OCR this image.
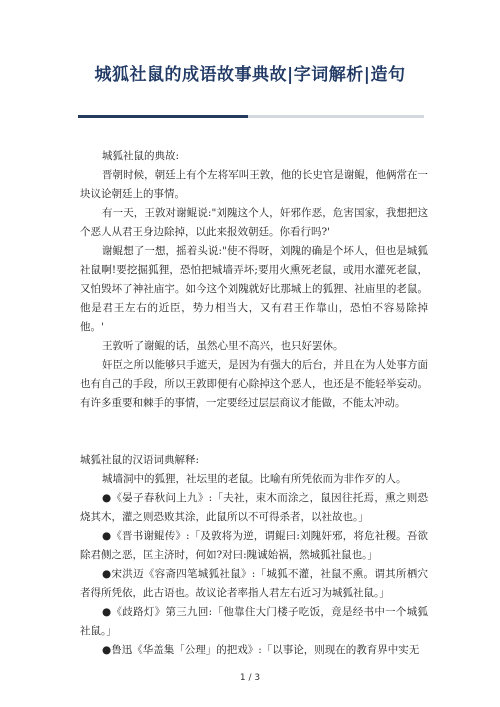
城狐社鼠的成语故事典故|字词解析|造句

城狐社鼠的典故:

晋朝时候，朝廷上有个左将军叫王敦，他的长史官是谢鲲，他俩常在一块议论朝廷上的事情。

有一天，王敦对谢鲲说:"刘隗这个人，奸邪作恶，危害国家，我想把这个恶人从君王身边除掉，以此来报效朝廷。你看行吗?'

谢鲲想了一想，摇着头说:"使不得呀，刘隗的确是个坏人，但也是城狐社鼠啊!要挖掘狐狸，恐怕把城墙弄坏;要用火熏死老鼠，或用水灌死老鼠，又怕毁坏了神社庙宇。如今这个刘隗就好比那城上的狐狸、社庙里的老鼠。他是君王左右的近臣，势力相当大，又有君王作靠山，恐怕不容易除掉他。'

王敦听了谢鲲的话，虽然心里不高兴，也只好罢休。

奸臣之所以能够只手遮天，是因为有强大的后台，并且在为人处事方面也有自己的手段，所以王敦即便有心除掉这个恶人，也还是不能轻举妄动。有许多重要和棘手的事情，一定要经过层层商议才能做，不能太冲动。

城狐社鼠的汉语词典解释:

城墙洞中的狐狸，社坛里的老鼠。比喻有所凭依而为非作歹的人。

●《晏子春秋问上九》:「夫社，束木而涂之，鼠因往托焉，熏之则恐烧其木，灌之则恐败其涂，此鼠所以不可得杀者，以社故也。」

●《晋书谢鲲传》:「及敦将为逆，谓鲲曰:刘隗奸邪，将危社稷。吾欲除君侧之恶，匡主济时，何如?对曰:隗诚始祸，然城狐社鼠也。」

●宋洪迈《容斋四笔城狐社鼠》:「城狐不灌，社鼠不熏。谓其所栖穴者得所凭依，此古语也。故议论者率指人君左右近习为城狐社鼠。」

●《歧路灯》第三九回:「他靠住大门楼子吃饭，竟是经书中一个城狐社鼠。」

●鲁迅《华盖集「公理」的把戏》:「以事论，则现在的教育界中实无

1 / 3
